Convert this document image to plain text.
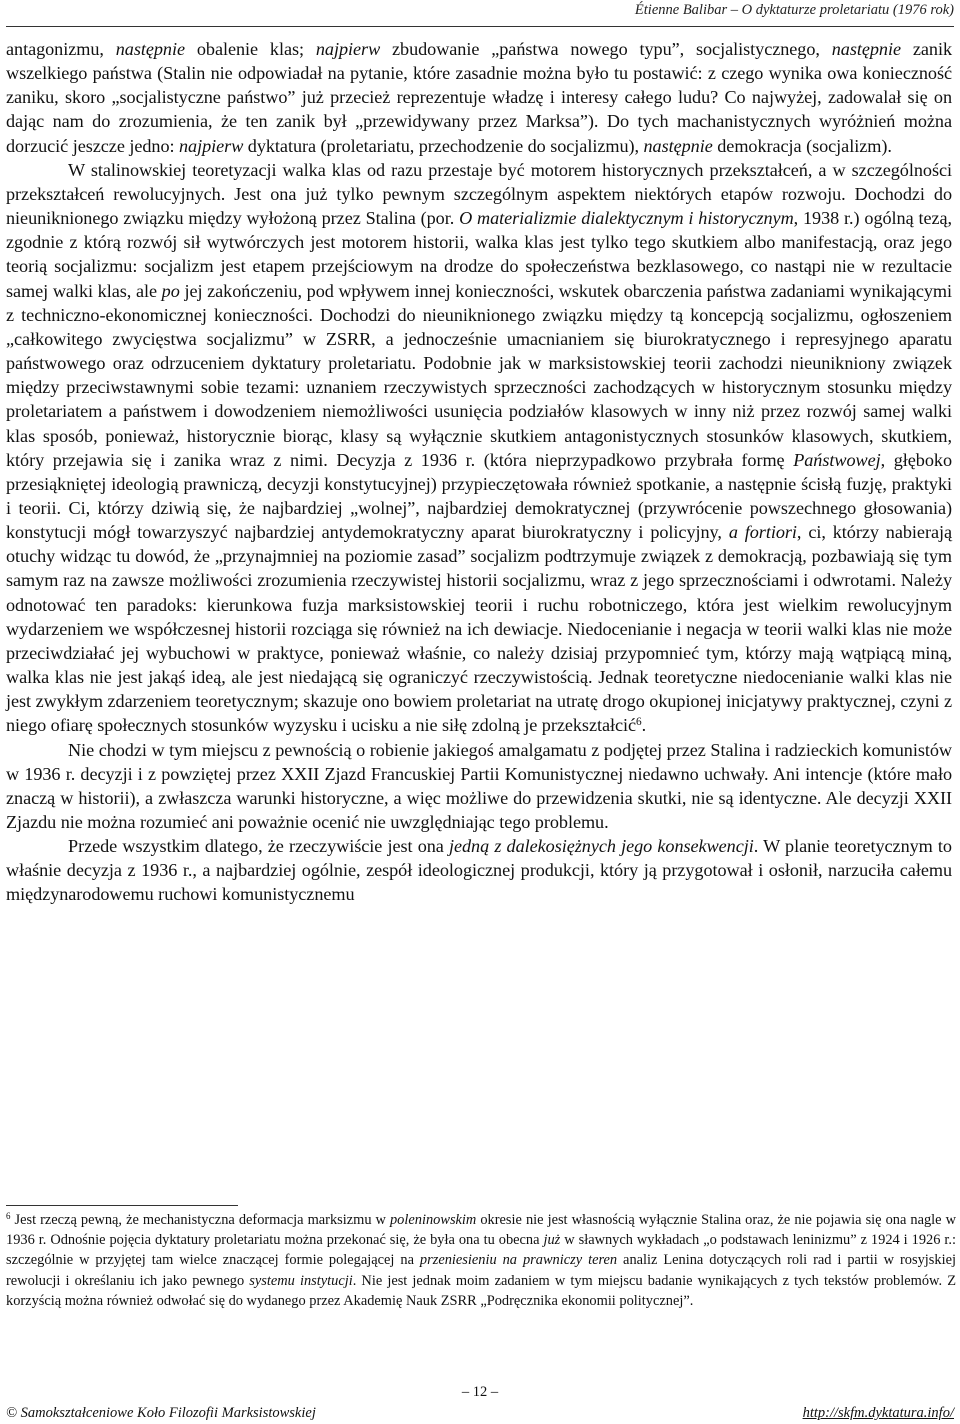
Étienne Balibar – O dyktaturze proletariatu (1976 rok)

antagonizmu, następnie obalenie klas; najpierw zbudowanie „państwa nowego typu”, socjalistycznego, następnie zanik wszelkiego państwa (Stalin nie odpowiadał na pytanie, które zasadnie można było tu postawić: z czego wynika owa konieczność zaniku, skoro „socjalistyczne państwo” już przecież reprezentuje władzę i interesy całego ludu? Co najwyżej, zadowalał się on dając nam do zrozumienia, że ten zanik był „przewidywany przez Marksa”). Do tych machanistycznych wyróżnień można dorzucić jeszcze jedno: najpierw dyktatura (proletariatu, przechodzenie do socjalizmu), następnie demokracja (socjalizm).

W stalinowskiej teoretyzacji walka klas od razu przestaje być motorem historycznych przekształceń, a w szczególności przekształceń rewolucyjnych. Jest ona już tylko pewnym szczególnym aspektem niektórych etapów rozwoju. Dochodzi do nieuniknionego związku między wyłożoną przez Stalina (por. O materializmie dialektycznym i historycznym, 1938 r.) ogólną tezą, zgodnie z którą rozwój sił wytwórczych jest motorem historii, walka klas jest tylko tego skutkiem albo manifestacją, oraz jego teorią socjalizmu: socjalizm jest etapem przejściowym na drodze do społeczeństwa bezklasowego, co nastąpi nie w rezultacie samej walki klas, ale po jej zakończeniu, pod wpływem innej konieczności, wskutek obarczenia państwa zadaniami wynikającymi z techniczno-ekonomicznej konieczności. Dochodzi do nieuniknionego związku między tą koncepcją socjalizmu, ogłoszeniem „całkowitego zwycięstwa socjalizmu” w ZSRR, a jednocześnie umacnianiem się biurokratycznego i represyjnego aparatu państwowego oraz odrzuceniem dyktatury proletariatu. Podobnie jak w marksistowskiej teorii zachodzi nieunikniony związek między przeciwstawnymi sobie tezami: uznaniem rzeczywistych sprzeczności zachodzących w historycznym stosunku między proletariatem a państwem i dowodzeniem niemożliwości usunięcia podziałów klasowych w inny niż przez rozwój samej walki klas sposób, ponieważ, historycznie biorąc, klasy są wyłącznie skutkiem antagonistycznych stosunków klasowych, skutkiem, który przejawia się i zanika wraz z nimi. Decyzja z 1936 r. (która nieprzypadkowo przybrała formę Państwowej, głęboko przesiąkniętej ideologią prawniczą, decyzji konstytucyjnej) przypieczętowała również spotkanie, a następnie ścisłą fuzję, praktyki i teorii. Ci, którzy dziwią się, że najbardziej „wolnej”, najbardziej demokratycznej (przywrócenie powszechnego głosowania) konstytucji mógł towarzyszyć najbardziej antydemokratyczny aparat biurokratyczny i policyjny, a fortiori, ci, którzy nabierają otuchy widząc tu dowód, że „przynajmniej na poziomie zasad” socjalizm podtrzymuje związek z demokracją, pozbawiają się tym samym raz na zawsze możliwości zrozumienia rzeczywistej historii socjalizmu, wraz z jego sprzecznościami i odwrotami. Należy odnotować ten paradoks: kierunkowa fuzja marksistowskiej teorii i ruchu robotniczego, która jest wielkim rewolucyjnym wydarzeniem we współczesnej historii rozciąga się również na ich dewiacje. Niedocenianie i negacja w teorii walki klas nie może przeciwdziałać jej wybuchowi w praktyce, ponieważ właśnie, co należy dzisiaj przypomnieć tym, którzy mają wątpiącą miną, walka klas nie jest jakąś ideą, ale jest niedającą się ograniczyć rzeczywistością. Jednak teoretyczne niedocenianie walki klas nie jest zwykłym zdarzeniem teoretycznym; skazuje ono bowiem proletariat na utratę drogo okupionej inicjatywy praktycznej, czyni z niego ofiarę społecznych stosunków wyzysku i ucisku a nie siłę zdolną je przekształcić$^6$.

Nie chodzi w tym miejscu z pewnością o robienie jakiegoś amalgamatu z podjętej przez Stalina i radzieckich komunistów w 1936 r. decyzji i z powziętej przez XXII Zjazd Francuskiej Partii Komunistycznej niedawno uchwały. Ani intencje (które mało znaczą w historii), a zwłaszcza warunki historyczne, a więc możliwe do przewidzenia skutki, nie są identyczne. Ale decyzji XXII Zjazdu nie można rozumieć ani poważnie ocenić nie uwzględniając tego problemu.

Przede wszystkim dlatego, że rzeczywiście jest ona jedną z dalekosiężnych jego konsekwencji. W planie teoretycznym to właśnie decyzja z 1936 r., a najbardziej ogólnie, zespół ideologicznej produkcji, który ją przygotował i osłonił, narzuciła całemu międzynarodowemu ruchowi komunistycznemu

$^6$ Jest rzeczą pewną, że mechanistyczna deformacja marksizmu w poleninowskim okresie nie jest własnością wyłącznie Stalina oraz, że nie pojawia się ona nagle w 1936 r. Odnośnie pojęcia dyktatury proletariatu można przekonać się, że była ona tu obecna już w sławnych wykładach „o podstawach leninizmu” z 1924 i 1926 r.: szczególnie w przyjętej tam wielce znaczącej formie polegającej na przeniesieniu na prawniczy teren analiz Lenina dotyczących roli rad i partii w rosyjskiej rewolucji i określaniu ich jako pewnego systemu instytucji. Nie jest jednak moim zadaniem w tym miejscu badanie wynikających z tych tekstów problemów. Z korzyścią można również odwołać się do wydanego przez Akademię Nauk ZSRR „Podręcznika ekonomii politycznej”.

– 12 –
© Samokształceniowe Koło Filozofii Marksistowskiej	http://skfm.dyktatura.info/
